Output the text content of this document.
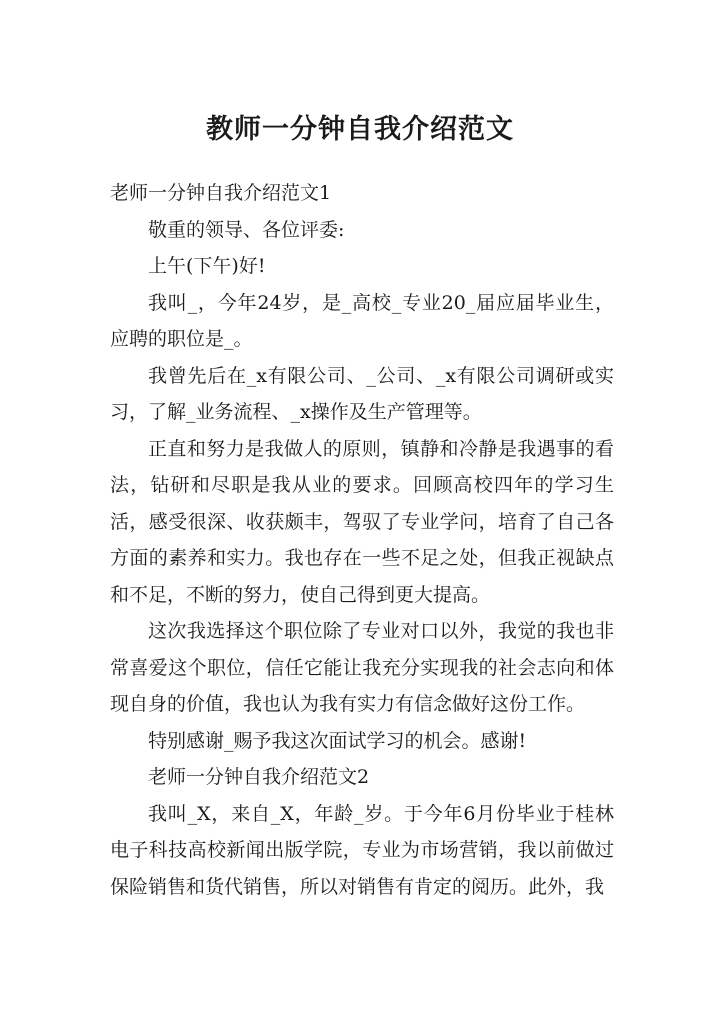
教师一分钟自我介绍范文

老师一分钟自我介绍范文1

敬重的领导、各位评委:

上午(下午)好!

我叫_，今年24岁，是_高校_专业20_届应届毕业生，应聘的职位是_。

我曾先后在_x有限公司、_公司、_x有限公司调研或实习，了解_业务流程、_x操作及生产管理等。

正直和努力是我做人的原则，镇静和冷静是我遇事的看法，钻研和尽职是我从业的要求。回顾高校四年的学习生活，感受很深、收获颇丰，驾驭了专业学问，培育了自己各方面的素养和实力。我也存在一些不足之处，但我正视缺点和不足，不断的努力，使自己得到更大提高。

这次我选择这个职位除了专业对口以外，我觉的我也非常喜爱这个职位，信任它能让我充分实现我的社会志向和体现自身的价值，我也认为我有实力有信念做好这份工作。

特别感谢_赐予我这次面试学习的机会。感谢!

老师一分钟自我介绍范文2

我叫_X，来自_X，年龄_岁。于今年6月份毕业于桂林电子科技高校新闻出版学院，专业为市场营销，我以前做过保险销售和货代销售，所以对销售有肯定的阅历。此外，我
